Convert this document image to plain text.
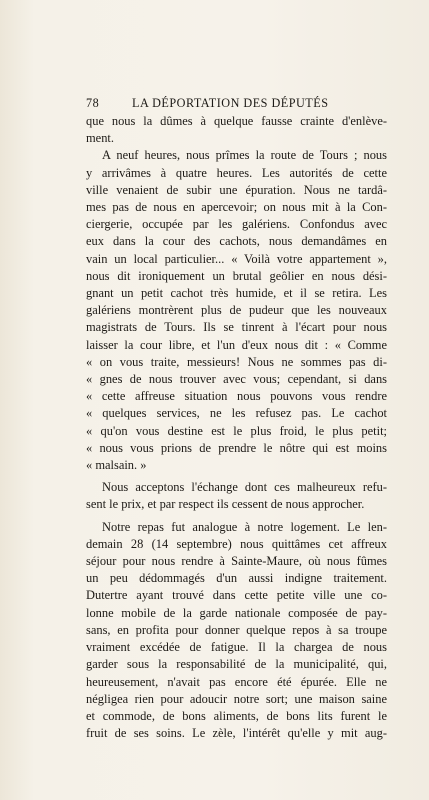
78	LA DÉPORTATION DES DÉPUTÉS

que nous la dûmes à quelque fausse crainte d'enlève-

ment.

A neuf heures, nous prîmes la route de Tours ; nous

y arrivâmes à quatre heures. Les autorités de cette

ville venaient de subir une épuration. Nous ne tardâ-

mes pas de nous en apercevoir; on nous mit à la Con-

ciergerie, occupée par les galériens. Confondus avec

eux dans la cour des cachots, nous demandâmes en

vain un local particulier... « Voilà votre appartement »,

nous dit ironiquement un brutal geôlier en nous dési-

gnant un petit cachot très humide, et il se retira. Les

galériens montrèrent plus de pudeur que les nouveaux

magistrats de Tours. Ils se tinrent à l'écart pour nous

laisser la cour libre, et l'un d'eux nous dit : « Comme

« on vous traite, messieurs! Nous ne sommes pas di-

« gnes de nous trouver avec vous; cependant, si dans

« cette affreuse situation nous pouvons vous rendre

« quelques services, ne les refusez pas. Le cachot

« qu'on vous destine est le plus froid, le plus petit;

« nous vous prions de prendre le nôtre qui est moins

« malsain. »

Nous acceptons l'échange dont ces malheureux refu-

sent le prix, et par respect ils cessent de nous approcher.

Notre repas fut analogue à notre logement. Le len-

demain 28 (14 septembre) nous quittâmes cet affreux

séjour pour nous rendre à Sainte-Maure, où nous fûmes

un peu dédommagés d'un aussi indigne traitement.

Dutertre ayant trouvé dans cette petite ville une co-

lonne mobile de la garde nationale composée de pay-

sans, en profita pour donner quelque repos à sa troupe

vraiment excédée de fatigue. Il la chargea de nous

garder sous la responsabilité de la municipalité, qui,

heureusement, n'avait pas encore été épurée. Elle ne

négligea rien pour adoucir notre sort; une maison saine

et commode, de bons aliments, de bons lits furent le

fruit de ses soins. Le zèle, l'intérêt qu'elle y mit aug-
